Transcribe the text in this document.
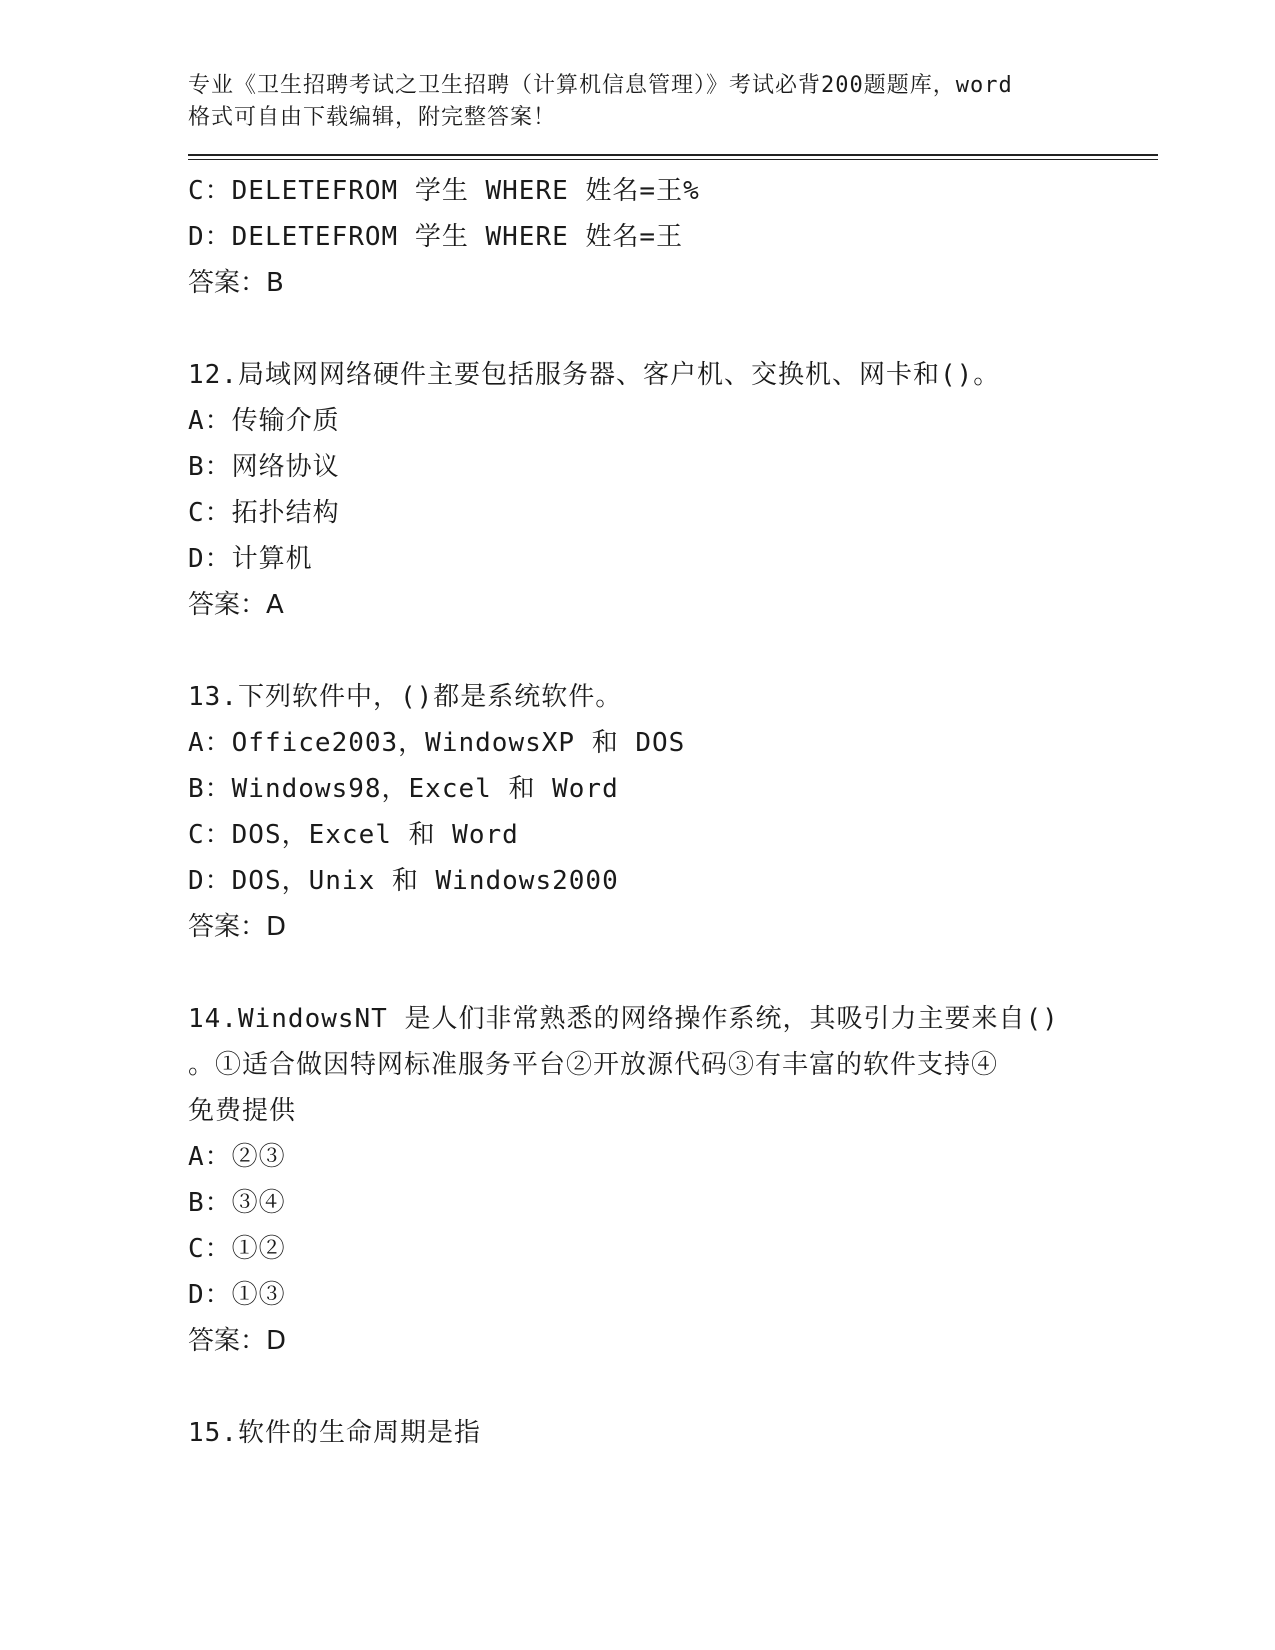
专业《卫生招聘考试之卫生招聘（计算机信息管理）》考试必背200题题库，word
格式可自由下载编辑，附完整答案！
C：DELETEFROM 学生 WHERE 姓名=王%
D：DELETEFROM 学生 WHERE 姓名=王
答案：B
12.局域网网络硬件主要包括服务器、客户机、交换机、网卡和()。
A：传输介质
B：网络协议
C：拓扑结构
D：计算机
答案：A
13.下列软件中，()都是系统软件。
A：Office2003，WindowsXP 和 DOS
B：Windows98，Excel 和 Word
C：DOS，Excel 和 Word
D：DOS，Unix 和 Windows2000
答案：D
14.WindowsNT 是人们非常熟悉的网络操作系统，其吸引力主要来自()
。①适合做因特网标准服务平台②开放源代码③有丰富的软件支持④
免费提供
A：②③
B：③④
C：①②
D：①③
答案：D
15.软件的生命周期是指
